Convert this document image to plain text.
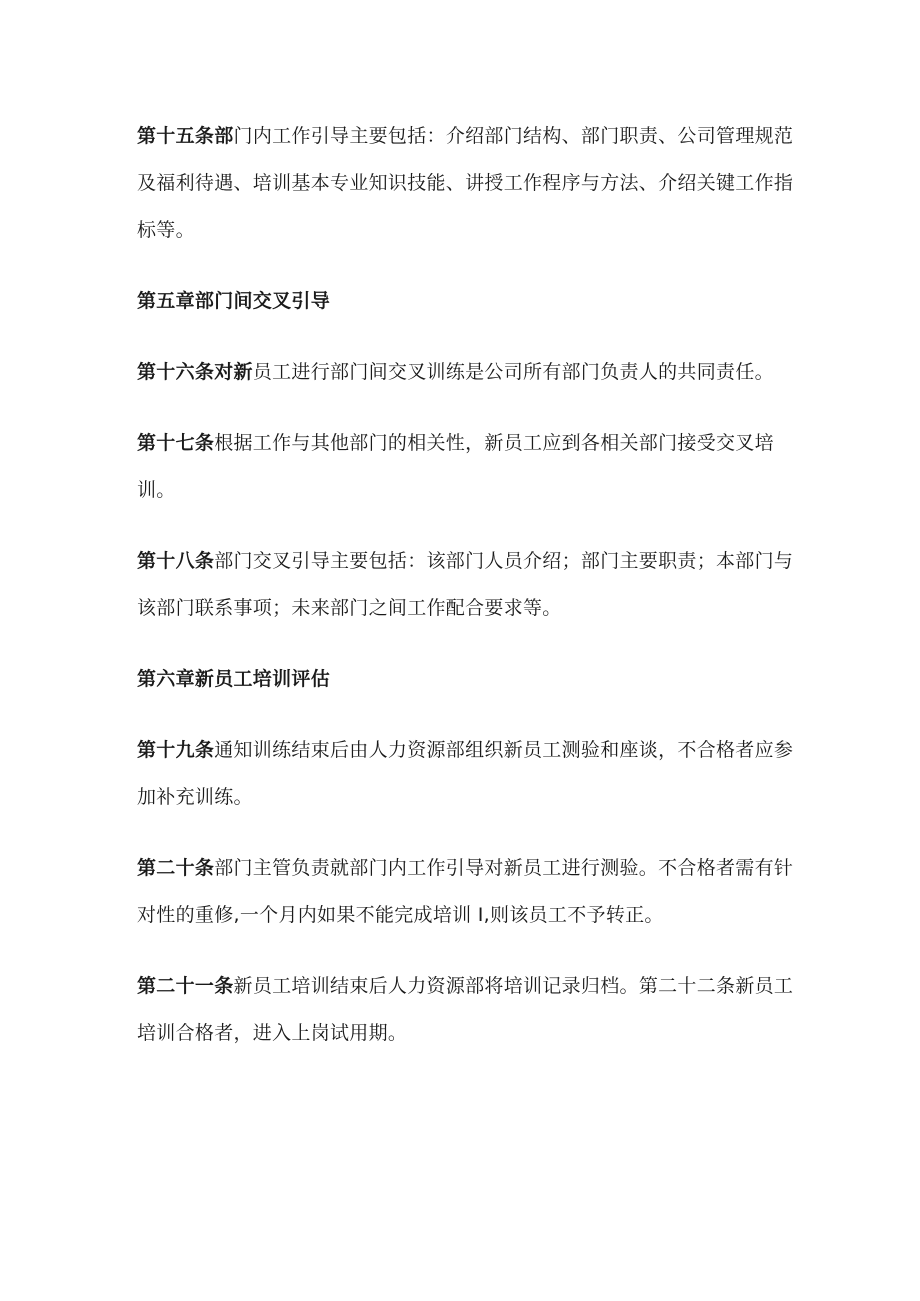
第十五条部门内工作引导主要包括：介绍部门结构、部门职责、公司管理规范及福利待遇、培训基本专业知识技能、讲授工作程序与方法、介绍关键工作指标等。

第五章部门间交叉引导

第十六条对新员工进行部门间交叉训练是公司所有部门负责人的共同责任。

第十七条根据工作与其他部门的相关性，新员工应到各相关部门接受交叉培训。

第十八条部门交叉引导主要包括：该部门人员介绍；部门主要职责；本部门与该部门联系事项；未来部门之间工作配合要求等。

第六章新员工培训评估

第十九条通知训练结束后由人力资源部组织新员工测验和座谈，不合格者应参加补充训练。

第二十条部门主管负责就部门内工作引导对新员工进行测验。不合格者需有针对性的重修,一个月内如果不能完成培训 I,则该员工不予转正。

第二十一条新员工培训结束后人力资源部将培训记录归档。第二十二条新员工培训合格者，进入上岗试用期。
